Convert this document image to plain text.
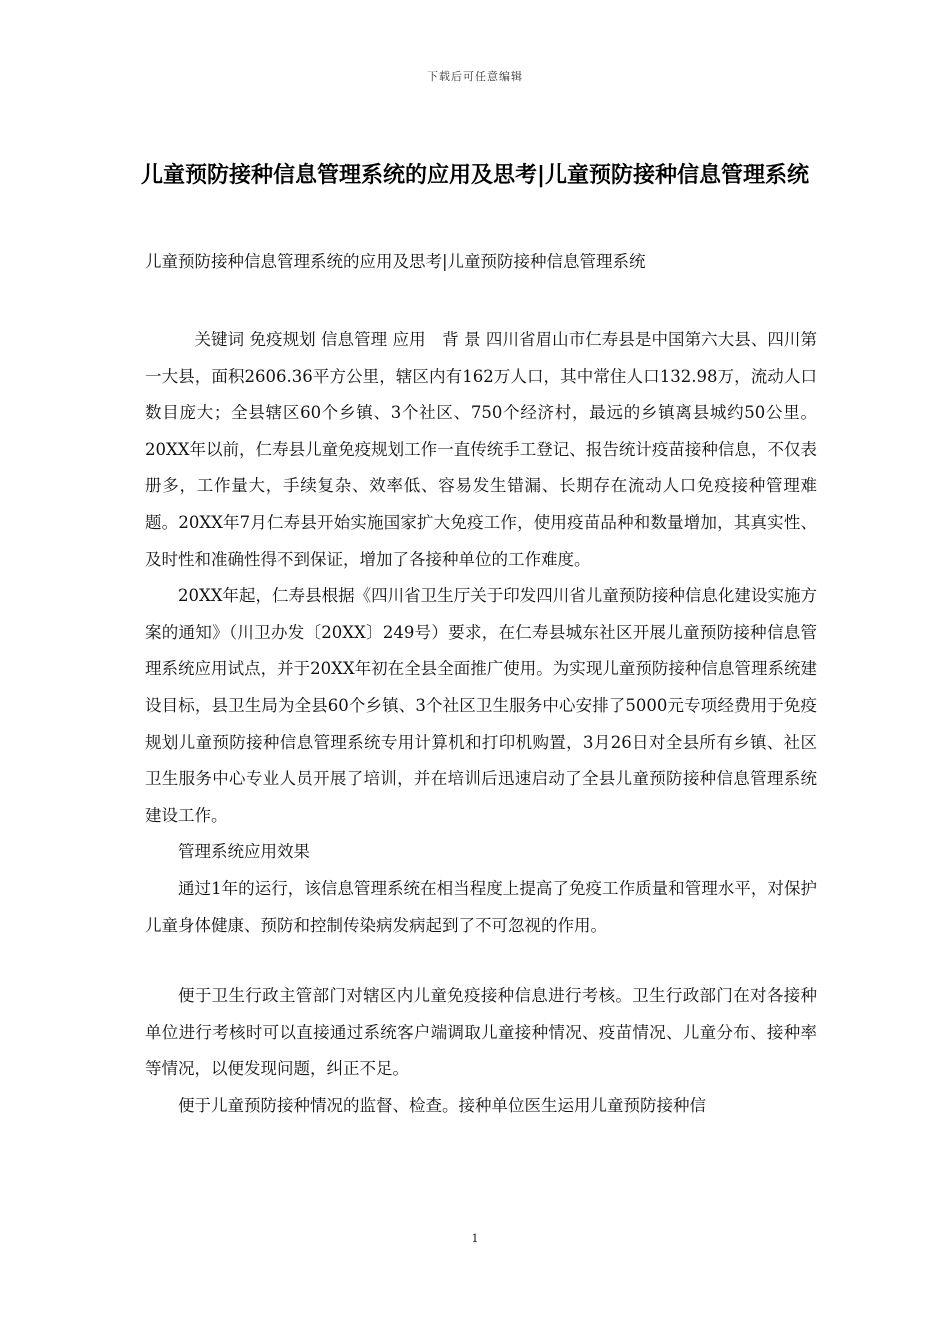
下载后可任意编辑
儿童预防接种信息管理系统的应用及思考|儿童预防接种信息管理系统
儿童预防接种信息管理系统的应用及思考|儿童预防接种信息管理系统

关键词 免疫规划 信息管理 应用　背 景 四川省眉山市仁寿县是中国第六大县、四川第一大县，面积2606.36平方公里，辖区内有162万人口，其中常住人口132.98万，流动人口数目庞大；全县辖区60个乡镇、3个社区、750个经济村，最远的乡镇离县城约50公里。20XX年以前，仁寿县儿童免疫规划工作一直传统手工登记、报告统计疫苗接种信息，不仅表册多，工作量大，手续复杂、效率低、容易发生错漏、长期存在流动人口免疫接种管理难题。20XX年7月仁寿县开始实施国家扩大免疫工作，使用疫苗品种和数量增加，其真实性、及时性和准确性得不到保证，增加了各接种单位的工作难度。

20XX年起，仁寿县根据《四川省卫生厅关于印发四川省儿童预防接种信息化建设实施方案的通知》（川卫办发〔20XX〕249号）要求，在仁寿县城东社区开展儿童预防接种信息管理系统应用试点，并于20XX年初在全县全面推广使用。为实现儿童预防接种信息管理系统建设目标，县卫生局为全县60个乡镇、3个社区卫生服务中心安排了5000元专项经费用于免疫规划儿童预防接种信息管理系统专用计算机和打印机购置，3月26日对全县所有乡镇、社区卫生服务中心专业人员开展了培训，并在培训后迅速启动了全县儿童预防接种信息管理系统建设工作。

管理系统应用效果

通过1年的运行，该信息管理系统在相当程度上提高了免疫工作质量和管理水平，对保护儿童身体健康、预防和控制传染病发病起到了不可忽视的作用。

便于卫生行政主管部门对辖区内儿童免疫接种信息进行考核。卫生行政部门在对各接种单位进行考核时可以直接通过系统客户端调取儿童接种情况、疫苗情况、儿童分布、接种率等情况，以便发现问题，纠正不足。

便于儿童预防接种情况的监督、检查。接种单位医生运用儿童预防接种信

1
